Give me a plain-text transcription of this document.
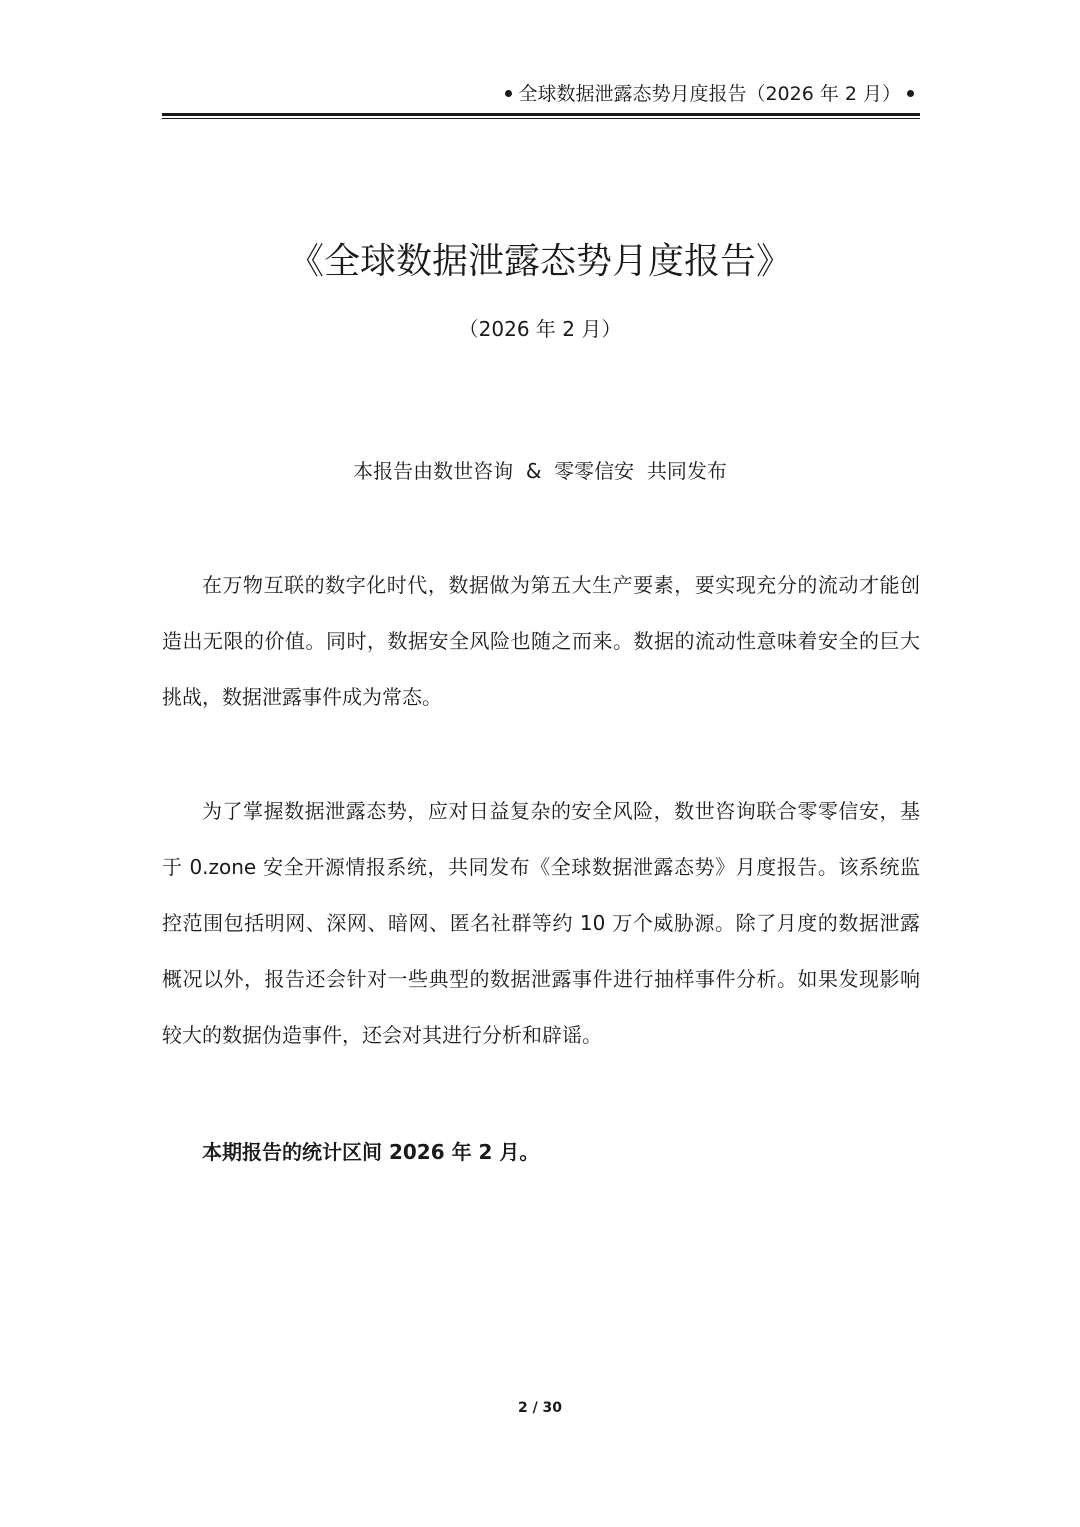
全球数据泄露态势月度报告（2026 年 2 月）
《全球数据泄露态势月度报告》
（2026 年 2 月）
本报告由数世咨询  &  零零信安  共同发布

在万物互联的数字化时代，数据做为第五大生产要素，要实现充分的流动才能创造出无限的价值。同时，数据安全风险也随之而来。数据的流动性意味着安全的巨大挑战，数据泄露事件成为常态。

为了掌握数据泄露态势，应对日益复杂的安全风险，数世咨询联合零零信安，基于 0.zone 安全开源情报系统，共同发布《全球数据泄露态势》月度报告。该系统监控范围包括明网、深网、暗网、匿名社群等约 10 万个威胁源。除了月度的数据泄露概况以外，报告还会针对一些典型的数据泄露事件进行抽样事件分析。如果发现影响较大的数据伪造事件，还会对其进行分析和辟谣。

本期报告的统计区间 2026 年 2 月。

2 / 30
